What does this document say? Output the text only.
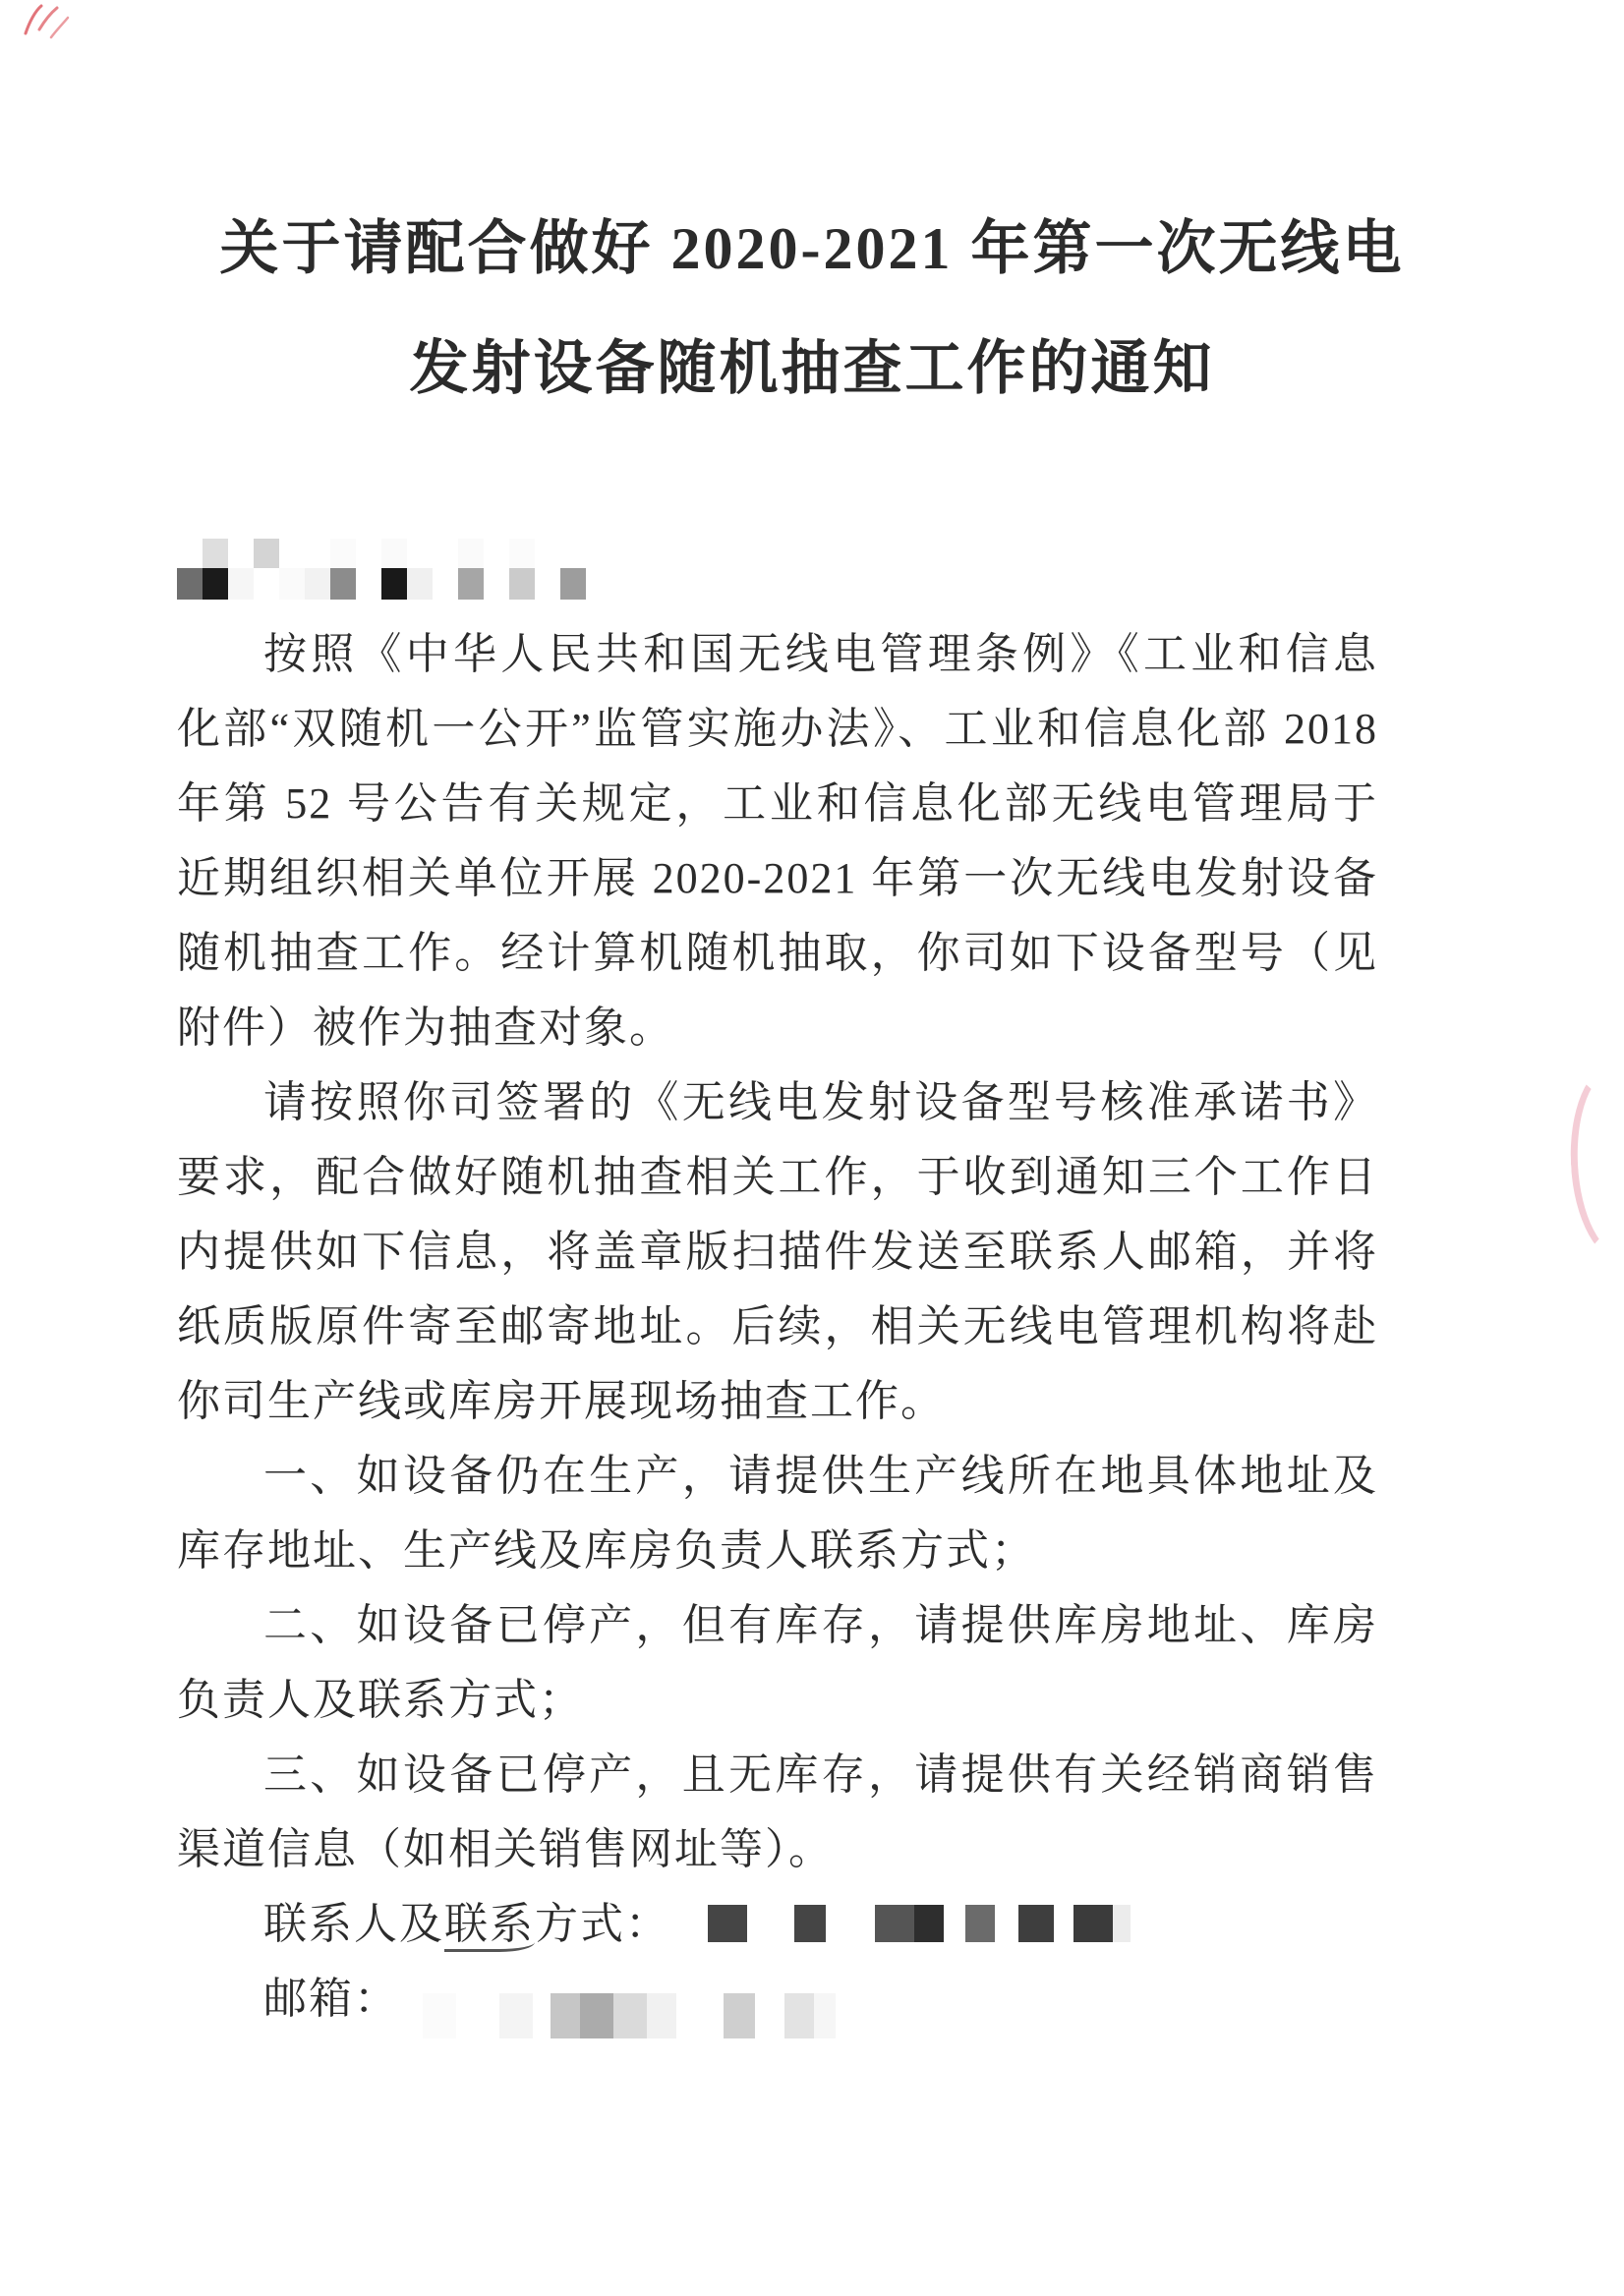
关于请配合做好 2020-2021 年第一次无线电
发射设备随机抽查工作的通知
按照《中华人民共和国无线电管理条例》《工业和信息
化部“双随机一公开”监管实施办法》、工业和信息化部 2018
年第 52 号公告有关规定，工业和信息化部无线电管理局于
近期组织相关单位开展 2020-2021 年第一次无线电发射设备
随机抽查工作。经计算机随机抽取，你司如下设备型号（见
附件）被作为抽查对象。
请按照你司签署的《无线电发射设备型号核准承诺书》
要求，配合做好随机抽查相关工作，于收到通知三个工作日
内提供如下信息，将盖章版扫描件发送至联系人邮箱，并将
纸质版原件寄至邮寄地址。后续，相关无线电管理机构将赴
你司生产线或库房开展现场抽查工作。
一、如设备仍在生产，请提供生产线所在地具体地址及
库存地址、生产线及库房负责人联系方式；
二、如设备已停产，但有库存，请提供库房地址、库房
负责人及联系方式；
三、如设备已停产，且无库存，请提供有关经销商销售
渠道信息（如相关销售网址等）。
联系人及联系方式：
邮箱：
